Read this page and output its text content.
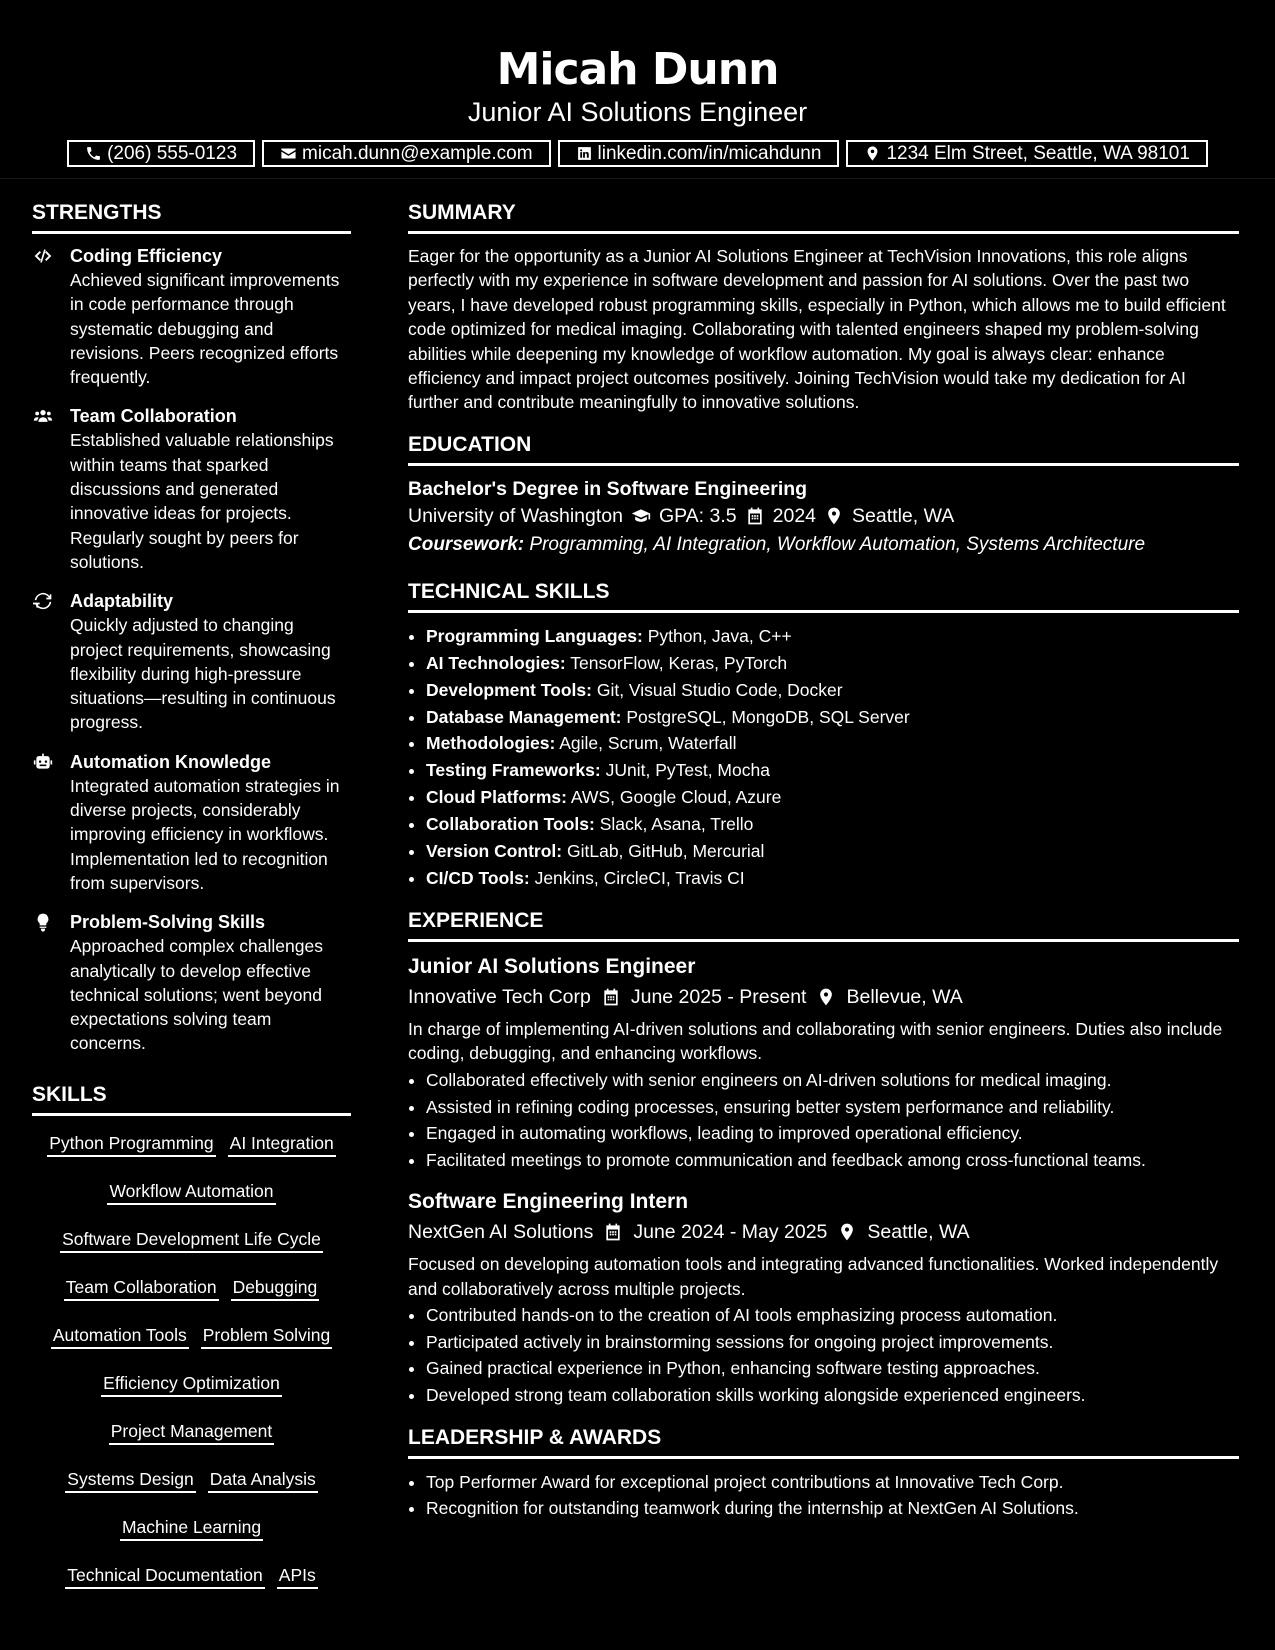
Micah Dunn
Junior AI Solutions Engineer
(206) 555-0123	micah.dunn@example.com	linkedin.com/in/micahdunn	1234 Elm Street, Seattle, WA 98101
STRENGTHS
Coding Efficiency

Achieved significant improvements in code performance through systematic debugging and revisions. Peers recognized efforts frequently.

Team Collaboration

Established valuable relationships within teams that sparked discussions and generated innovative ideas for projects. Regularly sought by peers for solutions.

Adaptability

Quickly adjusted to changing project requirements, showcasing flexibility during high-pressure situations—resulting in continuous progress.

Automation Knowledge

Integrated automation strategies in diverse projects, considerably improving efficiency in workflows. Implementation led to recognition from supervisors.

Problem-Solving Skills

Approached complex challenges analytically to develop effective technical solutions; went beyond expectations solving team concerns.

SKILLS
Python Programming AI Integration
Workflow Automation
Software Development Life Cycle
Team Collaboration Debugging
Automation Tools Problem Solving
Efficiency Optimization
Project Management
Systems Design Data Analysis
Machine Learning
Technical Documentation APIs
SUMMARY

Eager for the opportunity as a Junior AI Solutions Engineer at TechVision Innovations, this role aligns perfectly with my experience in software development and passion for AI solutions. Over the past two years, I have developed robust programming skills, especially in Python, which allows me to build efficient code optimized for medical imaging. Collaborating with talented engineers shaped my problem-solving abilities while deepening my knowledge of workflow automation. My goal is always clear: enhance efficiency and impact project outcomes positively. Joining TechVision would take my dedication for AI further and contribute meaningfully to innovative solutions.

EDUCATION
Bachelor's Degree in Software Engineering
University of Washington GPA: 3.5 2024 Seattle, WA
Coursework: Programming, AI Integration, Workflow Automation, Systems Architecture
TECHNICAL SKILLS
• Programming Languages: Python, Java, C++
• AI Technologies: TensorFlow, Keras, PyTorch
• Development Tools: Git, Visual Studio Code, Docker
• Database Management: PostgreSQL, MongoDB, SQL Server
• Methodologies: Agile, Scrum, Waterfall
• Testing Frameworks: JUnit, PyTest, Mocha
• Cloud Platforms: AWS, Google Cloud, Azure
• Collaboration Tools: Slack, Asana, Trello
• Version Control: GitLab, GitHub, Mercurial
• CI/CD Tools: Jenkins, CircleCI, Travis CI
EXPERIENCE
Junior AI Solutions Engineer
Innovative Tech Corp June 2025 - Present Bellevue, WA
In charge of implementing AI-driven solutions and collaborating with senior engineers. Duties also include coding, debugging, and enhancing workflows.
• Collaborated effectively with senior engineers on AI-driven solutions for medical imaging.
• Assisted in refining coding processes, ensuring better system performance and reliability.
• Engaged in automating workflows, leading to improved operational efficiency.
• Facilitated meetings to promote communication and feedback among cross-functional teams.
Software Engineering Intern
NextGen AI Solutions June 2024 - May 2025 Seattle, WA
Focused on developing automation tools and integrating advanced functionalities. Worked independently and collaboratively across multiple projects.
• Contributed hands-on to the creation of AI tools emphasizing process automation.
• Participated actively in brainstorming sessions for ongoing project improvements.
• Gained practical experience in Python, enhancing software testing approaches.
• Developed strong team collaboration skills working alongside experienced engineers.
LEADERSHIP & AWARDS
• Top Performer Award for exceptional project contributions at Innovative Tech Corp.
• Recognition for outstanding teamwork during the internship at NextGen AI Solutions.
